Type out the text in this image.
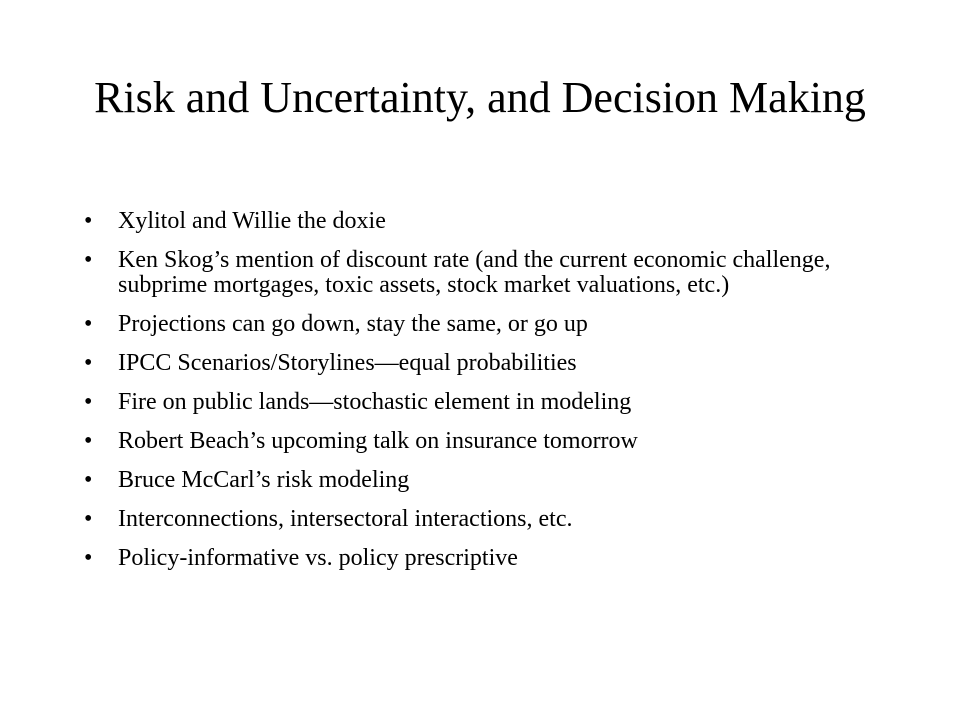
Risk and Uncertainty, and Decision Making
• Xylitol and Willie the doxie
• Ken Skog’s mention of discount rate (and the current economic challenge, subprime mortgages, toxic assets, stock market valuations, etc.)
• Projections can go down, stay the same, or go up
• IPCC Scenarios/Storylines—equal probabilities
• Fire on public lands—stochastic element in modeling
• Robert Beach’s upcoming talk on insurance tomorrow
• Bruce McCarl’s risk modeling
• Interconnections, intersectoral interactions, etc.
• Policy-informative vs. policy prescriptive
